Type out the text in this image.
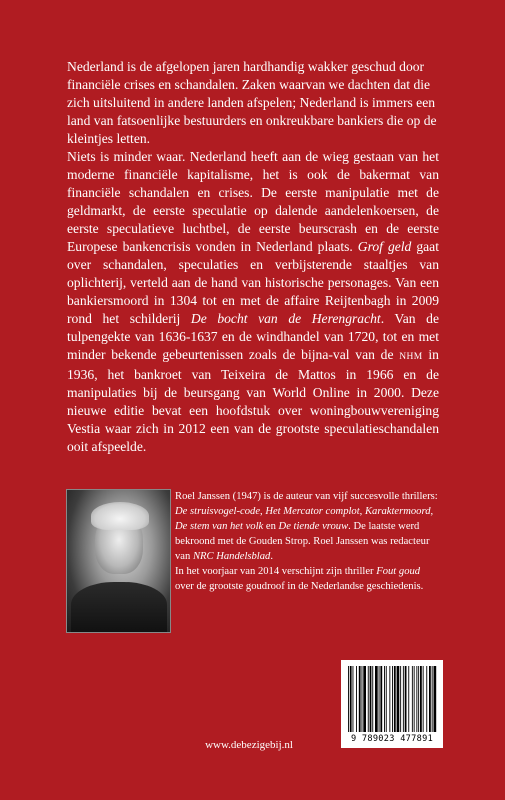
Nederland is de afgelopen jaren hardhandig wakker geschud door financiële crises en schandalen. Zaken waarvan we dachten dat die zich uitsluitend in andere landen afspelen; Nederland is immers een land van fatsoenlijke bestuurders en onkreukbare bankiers die op de kleintjes letten.

Niets is minder waar. Nederland heeft aan de wieg gestaan van het moderne financiële kapitalisme, het is ook de bakermat van financiële schandalen en crises. De eerste manipulatie met de geldmarkt, de eerste speculatie op dalende aandelenkoersen, de eerste speculatieve luchtbel, de eerste beurscrash en de eerste Europese bankencrisis vonden in Nederland plaats. Grof geld gaat over schandalen, speculaties en verbijsterende staaltjes van oplichterij, verteld aan de hand van historische personages. Van een bankiersmoord in 1304 tot en met de affaire Reijtenbagh in 2009 rond het schilderij De bocht van de Herengracht. Van de tulpengekte van 1636-1637 en de windhandel van 1720, tot en met minder bekende gebeurtenissen zoals de bijna-val van de NHM in 1936, het bankroet van Teixeira de Mattos in 1966 en de manipulaties bij de beursgang van World Online in 2000. Deze nieuwe editie bevat een hoofdstuk over woningbouwvereniging Vestia waar zich in 2012 een van de grootste speculatieschandalen ooit afspeelde.

Roel Janssen (1947) is de auteur van vijf succesvolle thrillers: De struisvogel-code, Het Mercator complot, Karaktermoord, De stem van het volk en De tiende vrouw. De laatste werd bekroond met de Gouden Strop. Roel Janssen was redacteur van NRC Handelsblad.

In het voorjaar van 2014 verschijnt zijn thriller Fout goud over de grootste goudroof in de Nederlandse geschiedenis.

9 789023 477891
www.debezigebij.nl
